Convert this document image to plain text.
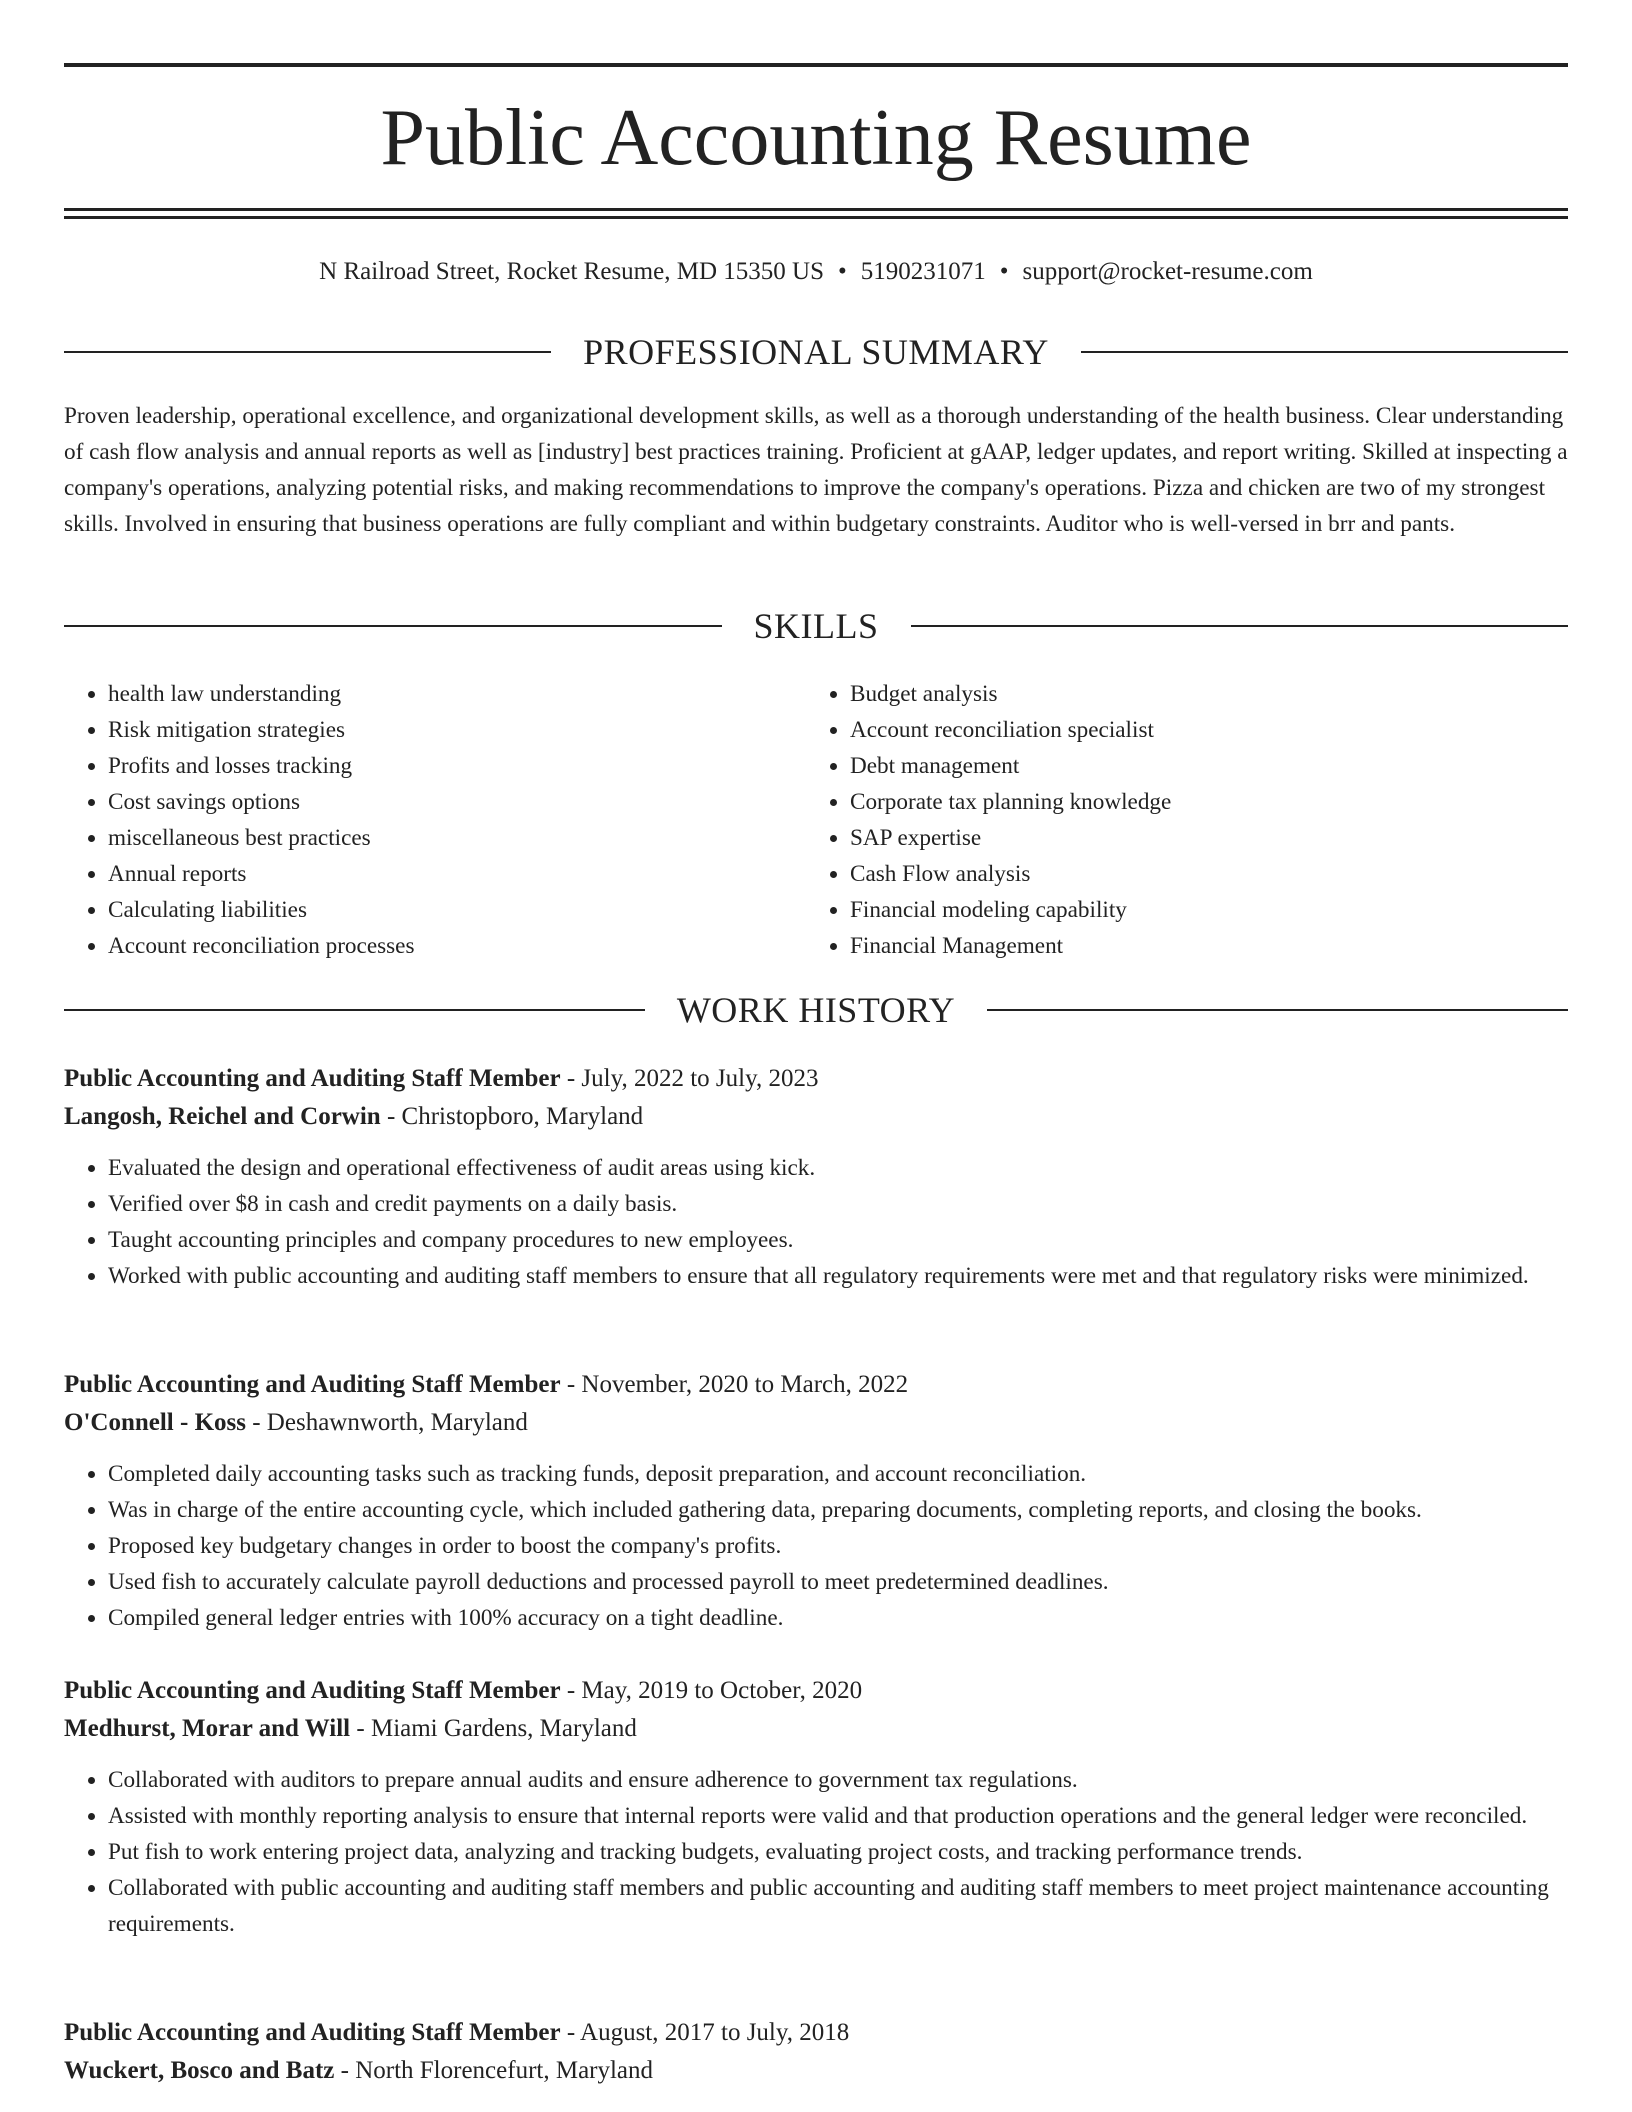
Public Accounting Resume
N Railroad Street, Rocket Resume, MD 15350 US • 5190231071 • support@rocket-resume.com
PROFESSIONAL SUMMARY

Proven leadership, operational excellence, and organizational development skills, as well as a thorough understanding of the health business. Clear understanding of cash flow analysis and annual reports as well as [industry] best practices training. Proficient at gAAP, ledger updates, and report writing. Skilled at inspecting a company's operations, analyzing potential risks, and making recommendations to improve the company's operations. Pizza and chicken are two of my strongest skills. Involved in ensuring that business operations are fully compliant and within budgetary constraints. Auditor who is well-versed in brr and pants.

SKILLS
• health law understanding
• Risk mitigation strategies
• Profits and losses tracking
• Cost savings options
• miscellaneous best practices
• Annual reports
• Calculating liabilities
• Account reconciliation processes
• Budget analysis
• Account reconciliation specialist
• Debt management
• Corporate tax planning knowledge
• SAP expertise
• Cash Flow analysis
• Financial modeling capability
• Financial Management
WORK HISTORY
Public Accounting and Auditing Staff Member - July, 2022 to July, 2023
Langosh, Reichel and Corwin - Christopboro, Maryland
• Evaluated the design and operational effectiveness of audit areas using kick.
• Verified over $8 in cash and credit payments on a daily basis.
• Taught accounting principles and company procedures to new employees.
• Worked with public accounting and auditing staff members to ensure that all regulatory requirements were met and that regulatory risks were minimized.
Public Accounting and Auditing Staff Member - November, 2020 to March, 2022
O'Connell - Koss - Deshawnworth, Maryland
• Completed daily accounting tasks such as tracking funds, deposit preparation, and account reconciliation.
• Was in charge of the entire accounting cycle, which included gathering data, preparing documents, completing reports, and closing the books.
• Proposed key budgetary changes in order to boost the company's profits.
• Used fish to accurately calculate payroll deductions and processed payroll to meet predetermined deadlines.
• Compiled general ledger entries with 100% accuracy on a tight deadline.
Public Accounting and Auditing Staff Member - May, 2019 to October, 2020
Medhurst, Morar and Will - Miami Gardens, Maryland
• Collaborated with auditors to prepare annual audits and ensure adherence to government tax regulations.
• Assisted with monthly reporting analysis to ensure that internal reports were valid and that production operations and the general ledger were reconciled.
• Put fish to work entering project data, analyzing and tracking budgets, evaluating project costs, and tracking performance trends.
• Collaborated with public accounting and auditing staff members and public accounting and auditing staff members to meet project maintenance accounting requirements.
Public Accounting and Auditing Staff Member - August, 2017 to July, 2018
Wuckert, Bosco and Batz - North Florencefurt, Maryland
